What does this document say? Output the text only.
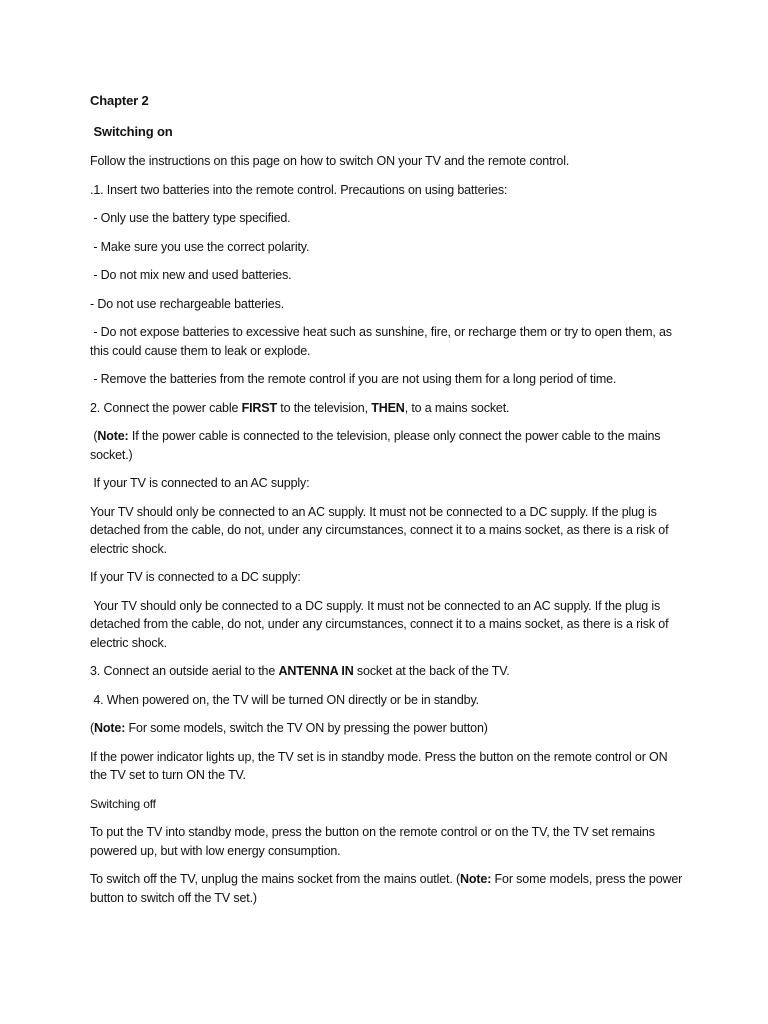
Chapter 2

Switching on

Follow the instructions on this page on how to switch ON your TV and the remote control.

.1. Insert two batteries into the remote control. Precautions on using batteries:

- Only use the battery type specified.

- Make sure you use the correct polarity.

- Do not mix new and used batteries.

- Do not use rechargeable batteries.

- Do not expose batteries to excessive heat such as sunshine, fire, or recharge them or try to open them, as this could cause them to leak or explode.

- Remove the batteries from the remote control if you are not using them for a long period of time.

2. Connect the power cable FIRST to the television, THEN, to a mains socket.

(Note: If the power cable is connected to the television, please only connect the power cable to the mains socket.)

If your TV is connected to an AC supply:

Your TV should only be connected to an AC supply. It must not be connected to a DC supply. If the plug is detached from the cable, do not, under any circumstances, connect it to a mains socket, as there is a risk of electric shock.

If your TV is connected to a DC supply:

Your TV should only be connected to a DC supply. It must not be connected to an AC supply. If the plug is detached from the cable, do not, under any circumstances, connect it to a mains socket, as there is a risk of electric shock.

3. Connect an outside aerial to the ANTENNA IN socket at the back of the TV.

4. When powered on, the TV will be turned ON directly or be in standby.

(Note: For some models, switch the TV ON by pressing the power button)

If the power indicator lights up, the TV set is in standby mode. Press the button on the remote control or ON the TV set to turn ON the TV.

Switching off

To put the TV into standby mode, press the button on the remote control or on the TV, the TV set remains powered up, but with low energy consumption.

To switch off the TV, unplug the mains socket from the mains outlet. (Note: For some models, press the power button to switch off the TV set.)
